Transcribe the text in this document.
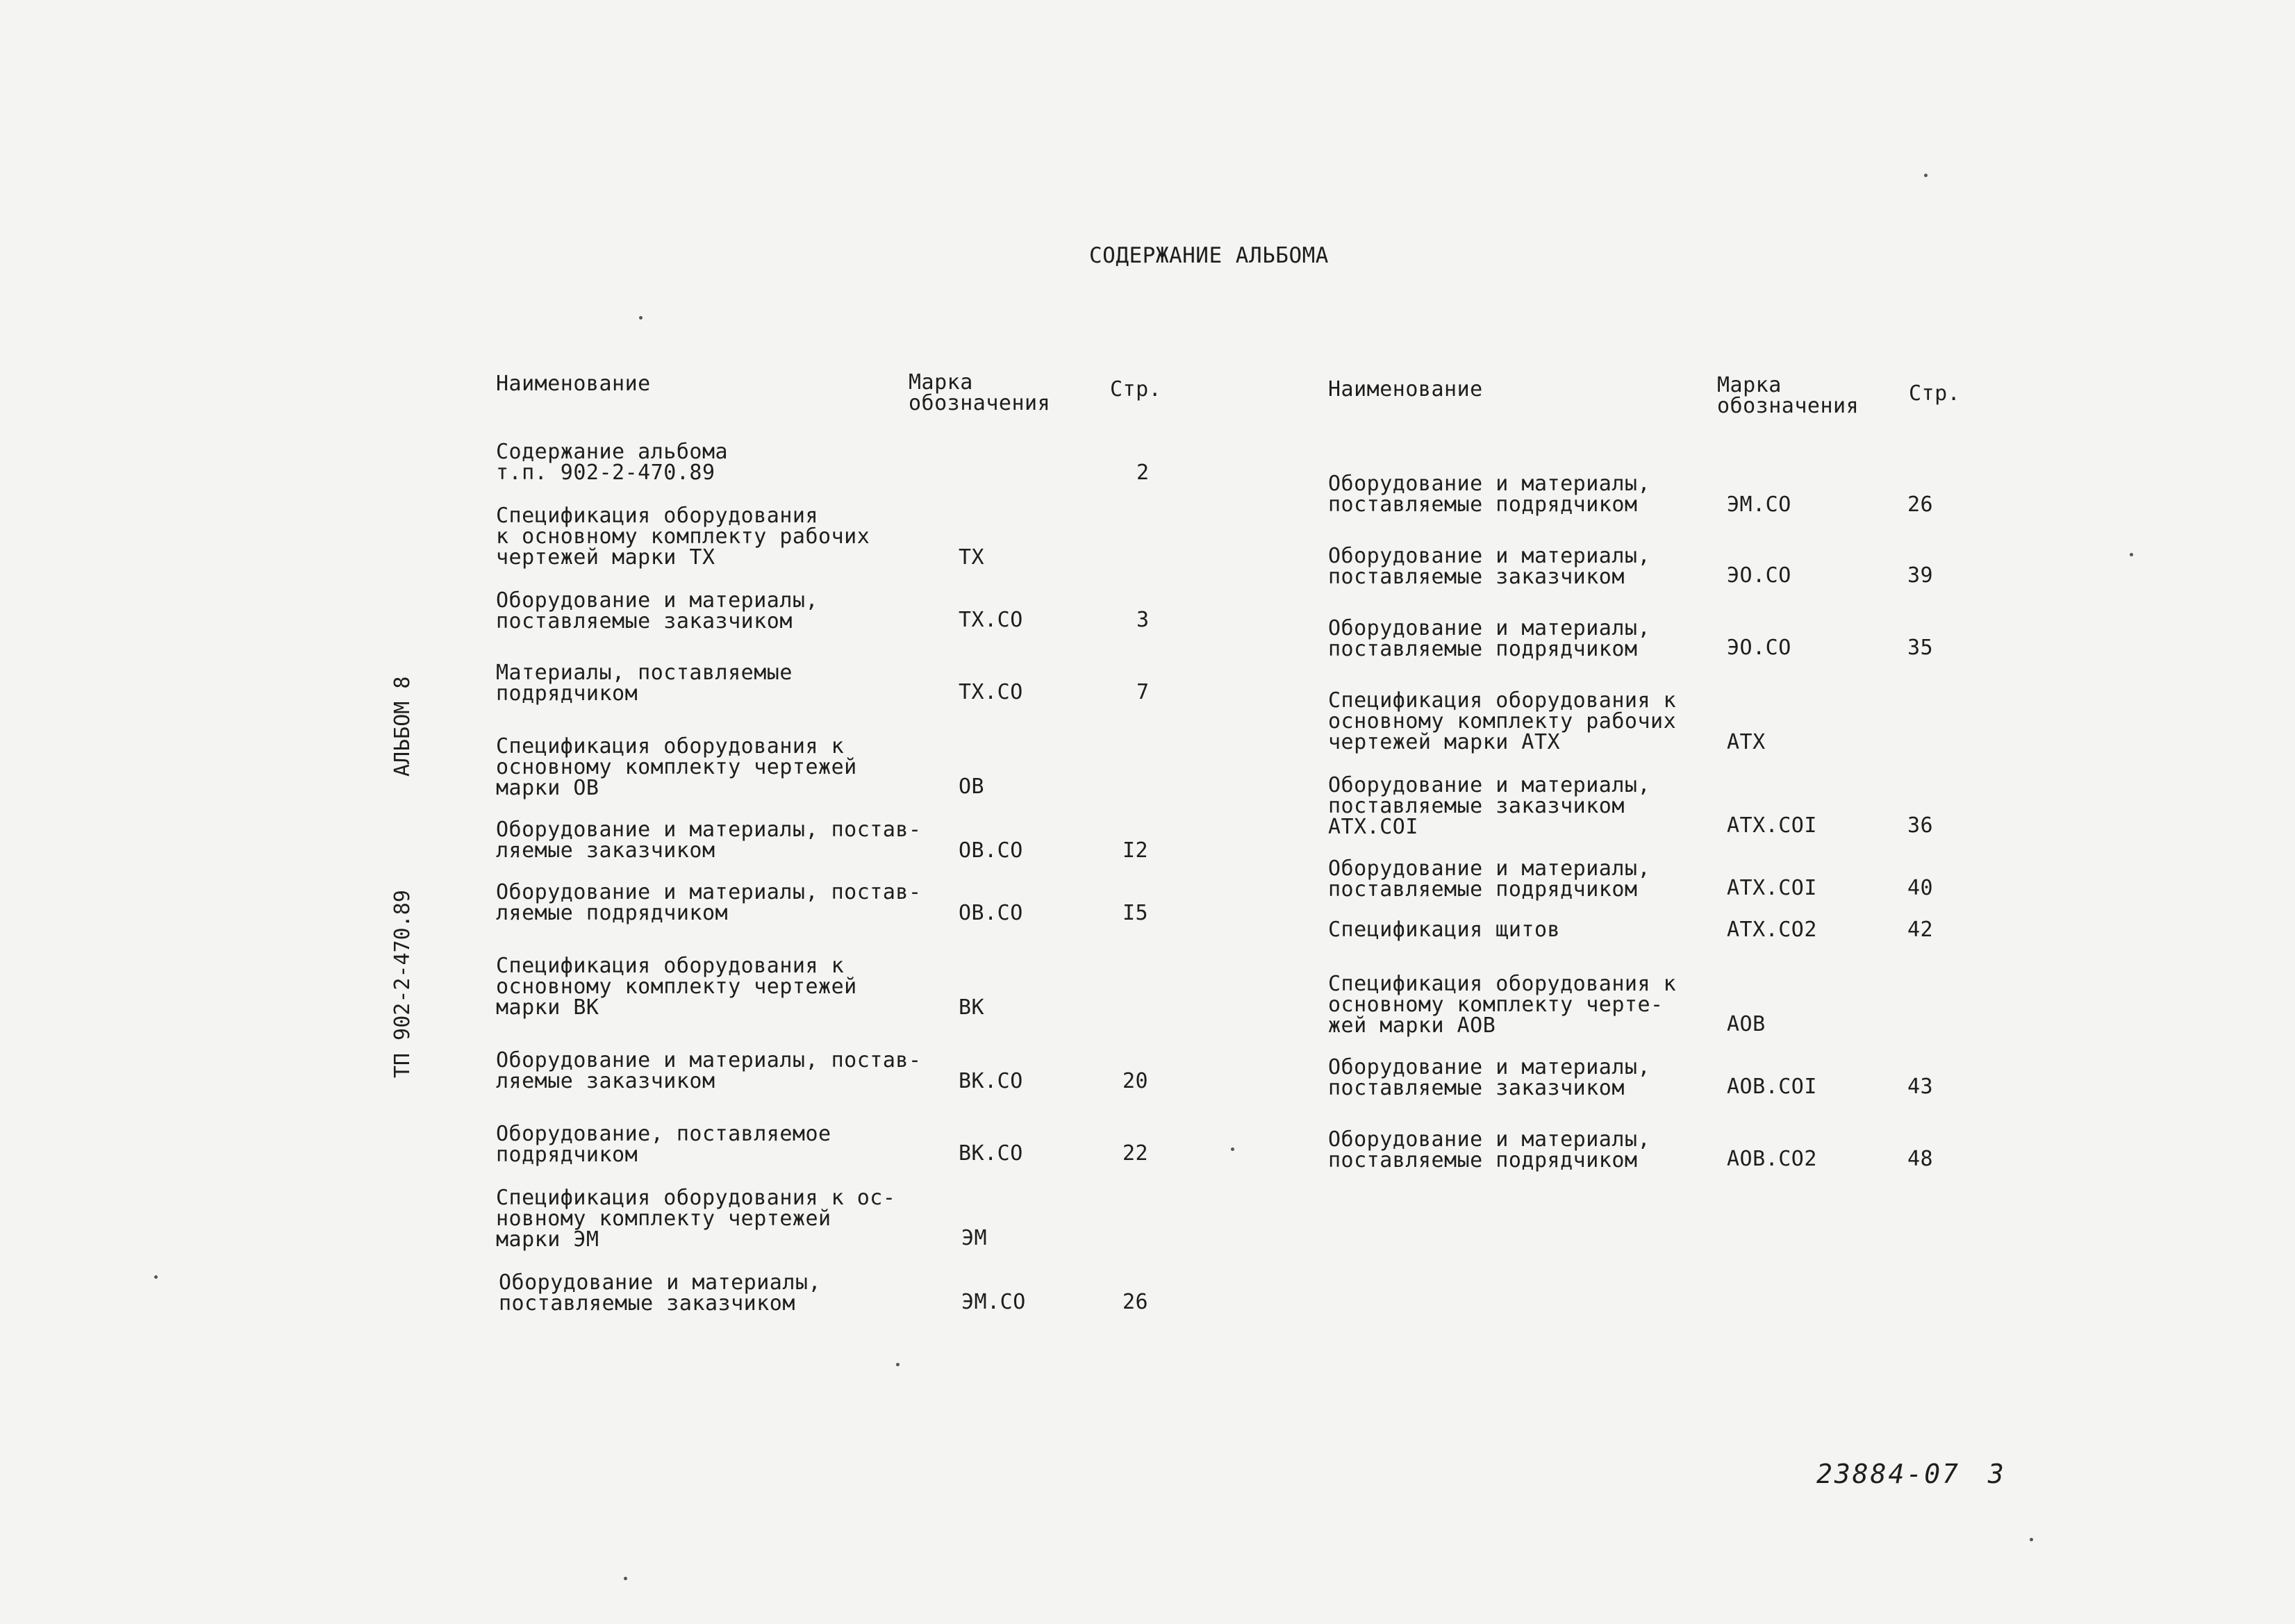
СОДЕРЖАНИЕ АЛЬБОМА
АЛЬБОМ 8
ТП 902-2-470.89
Наименование	Марка
обозначения
Стр.	Наименование	Марка
обозначения
Стр.
Содержание альбома
т.п. 902-2-470.89	2
Спецификация оборудования
к основному комплекту рабочих
чертежей марки ТХ	ТХ
Оборудование и материалы,
поставляемые заказчиком	ТХ.СО	3
Материалы, поставляемые
подрядчиком	ТХ.СО	7
Спецификация оборудования к
основному комплекту чертежей
марки ОВ	ОВ
Оборудование и материалы, постав-
ляемые заказчиком	ОВ.СО	I2
Оборудование и материалы, постав-
ляемые подрядчиком	ОВ.СО	I5
Спецификация оборудования к
основному комплекту чертежей
марки ВК	ВК
Оборудование и материалы, постав-
ляемые заказчиком	ВК.СО	20
Оборудование, поставляемое
подрядчиком	ВК.СО	22
Спецификация оборудования к ос-
новному комплекту чертежей
марки ЭМ	ЭМ
Оборудование и материалы,
поставляемые заказчиком	ЭМ.СО	26
Оборудование и материалы,
поставляемые подрядчиком	ЭМ.СО	26
Оборудование и материалы,
поставляемые заказчиком	ЭО.СО	39
Оборудование и материалы,
поставляемые подрядчиком	ЭО.СО	35
Спецификация оборудования к
основному комплекту рабочих
чертежей марки АТХ	АТХ
Оборудование и материалы,
поставляемые заказчиком
АТХ.СОI	АТХ.СОI	36
Оборудование и материалы,
поставляемые подрядчиком	АТХ.СОI	40
Спецификация щитов	АТХ.СО2	42
Спецификация оборудования к
основному комплекту черте-
жей марки АОВ	АОВ
Оборудование и материалы,
поставляемые заказчиком	АОВ.СОI	43
Оборудование и материалы,
поставляемые подрядчиком	АОВ.СО2	48
23884-07 3
